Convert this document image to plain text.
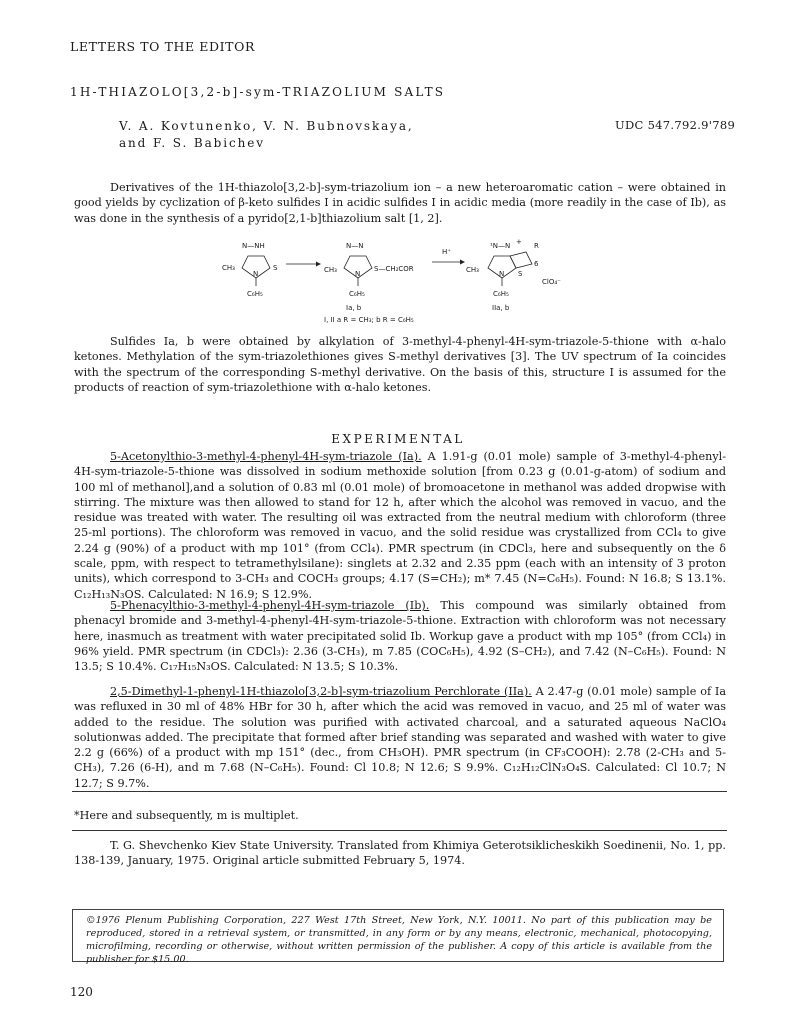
LETTERS TO THE EDITOR
1H-THIAZOLO[3,2-b]-sym-TRIAZOLIUM SALTS
V. A. Kovtunenko, V. N. Bubnovskaya,
and F. S. Babichev
UDC 547.792.9'789
Derivatives of the 1H-thiazolo[3,2-b]-sym-triazolium ion – a new heteroaromatic cation – were obtained in good yields by cyclization of β-keto sulfides I in acidic sulfides I in acidic media (more readily in the case of Ib), as was done in the synthesis of a pyrido[2,1-b]thiazolium salt [1, 2].
N—NH
CH₃
N
S
C₆H₅
N—N
CH₃	N
S—CH₂COR
C₆H₅
H⁺
¹N—N + R
CH₃	N
6
S
C₆H₅
ClO₄⁻
Ia, b	IIa, b
I, II a R = CH₃; b R = C₆H₅
Sulfides Ia, b were obtained by alkylation of 3-methyl-4-phenyl-4H-sym-triazole-5-thione with α-halo ketones. Methylation of the sym-triazolethiones gives S-methyl derivatives [3]. The UV spectrum of Ia coincides with the spectrum of the corresponding S-methyl derivative. On the basis of this, structure I is assumed for the products of reaction of sym-triazolethione with α-halo ketones.
EXPERIMENTAL
5-Acetonylthio-3-methyl-4-phenyl-4H-sym-triazole (Ia). A 1.91-g (0.01 mole) sample of 3-methyl-4-phenyl-4H-sym-triazole-5-thione was dissolved in sodium methoxide solution [from 0.23 g (0.01-g-atom) of sodium and 100 ml of methanol],and a solution of 0.83 ml (0.01 mole) of bromoacetone in methanol was added dropwise with stirring. The mixture was then allowed to stand for 12 h, after which the alcohol was removed in vacuo, and the residue was treated with water. The resulting oil was extracted from the neutral medium with chloroform (three 25-ml portions). The chloroform was removed in vacuo, and the solid residue was crystallized from CCl₄ to give 2.24 g (90%) of a product with mp 101° (from CCl₄). PMR spectrum (in CDCl₃, here and subsequently on the δ scale, ppm, with respect to tetramethylsilane): singlets at 2.32 and 2.35 ppm (each with an intensity of 3 proton units), which correspond to 3-CH₃ and COCH₃ groups; 4.17 (S=CH₂); m* 7.45 (N=C₆H₅). Found: N 16.8; S 13.1%. C₁₂H₁₃N₃OS. Calculated: N 16.9; S 12.9%.
5-Phenacylthio-3-methyl-4-phenyl-4H-sym-triazole (Ib). This compound was similarly obtained from phenacyl bromide and 3-methyl-4-phenyl-4H-sym-triazole-5-thione. Extraction with chloroform was not necessary here, inasmuch as treatment with water precipitated solid Ib. Workup gave a product with mp 105° (from CCl₄) in 96% yield. PMR spectrum (in CDCl₃): 2.36 (3-CH₃), m 7.85 (COC₆H₅), 4.92 (S–CH₂), and 7.42 (N–C₆H₅). Found: N 13.5; S 10.4%. C₁₇H₁₅N₃OS. Calculated: N 13.5; S 10.3%.
2,5-Dimethyl-1-phenyl-1H-thiazolo[3,2-b]-sym-triazolium Perchlorate (IIa). A 2.47-g (0.01 mole) sample of Ia was refluxed in 30 ml of 48% HBr for 30 h, after which the acid was removed in vacuo, and 25 ml of water was added to the residue. The solution was purified with activated charcoal, and a saturated aqueous NaClO₄ solutionwas added. The precipitate that formed after brief standing was separated and washed with water to give 2.2 g (66%) of a product with mp 151° (dec., from CH₃OH). PMR spectrum (in CF₃COOH): 2.78 (2-CH₃ and 5-CH₃), 7.26 (6-H), and m 7.68 (N–C₆H₅). Found: Cl 10.8; N 12.6; S 9.9%. C₁₂H₁₂ClN₃O₄S. Calculated: Cl 10.7; N 12.7; S 9.7%.
*Here and subsequently, m is multiplet.
T. G. Shevchenko Kiev State University. Translated from Khimiya Geterotsiklicheskikh Soedinenii, No. 1, pp. 138-139, January, 1975. Original article submitted February 5, 1974.
©1976 Plenum Publishing Corporation, 227 West 17th Street, New York, N.Y. 10011. No part of this publication may be reproduced, stored in a retrieval system, or transmitted, in any form or by any means, electronic, mechanical, photocopying, microfilming, recording or otherwise, without written permission of the publisher. A copy of this article is available from the publisher for $15.00.
120
